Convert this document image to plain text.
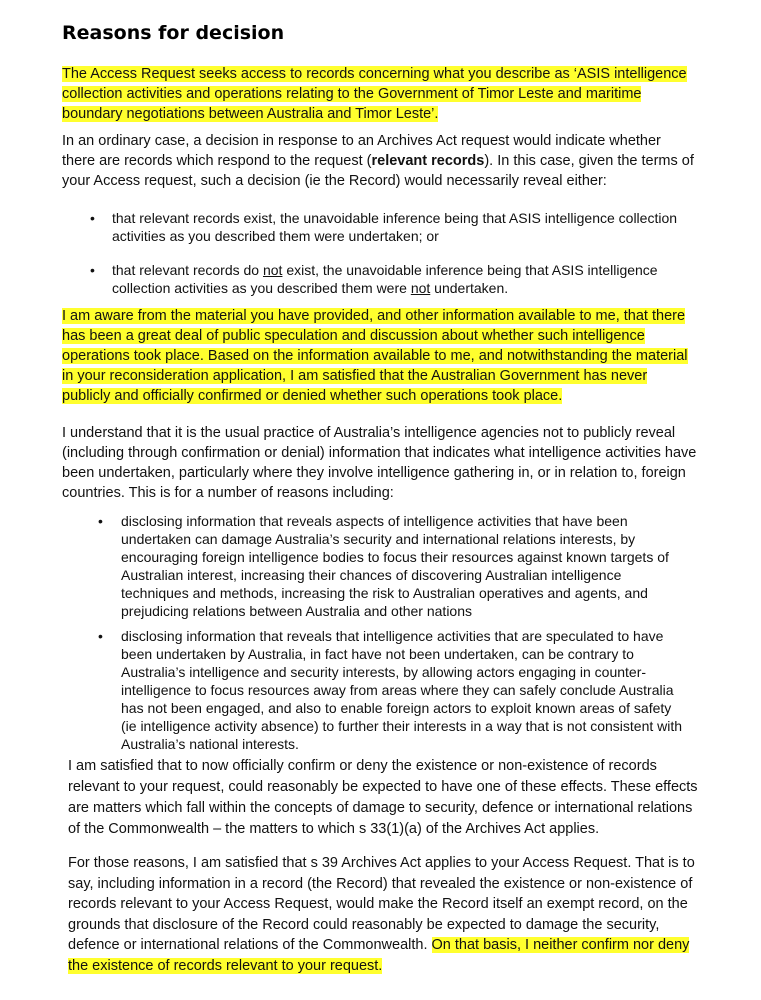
Reasons for decision
The Access Request seeks access to records concerning what you describe as ‘ASIS intelligence
collection activities and operations relating to the Government of Timor Leste and maritime
boundary negotiations between Australia and Timor Leste’.
In an ordinary case, a decision in response to an Archives Act request would indicate whether
there are records which respond to the request (relevant records). In this case, given the terms of
your Access request, such a decision (ie the Record) would necessarily reveal either:
• that relevant records exist, the unavoidable inference being that ASIS intelligence collection
activities as you described them were undertaken; or
• that relevant records do not exist, the unavoidable inference being that ASIS intelligence
collection activities as you described them were not undertaken.
I am aware from the material you have provided, and other information available to me, that there
has been a great deal of public speculation and discussion about whether such intelligence
operations took place. Based on the information available to me, and notwithstanding the material
in your reconsideration application, I am satisfied that the Australian Government has never
publicly and officially confirmed or denied whether such operations took place.
I understand that it is the usual practice of Australia’s intelligence agencies not to publicly reveal
(including through confirmation or denial) information that indicates what intelligence activities have
been undertaken, particularly where they involve intelligence gathering in, or in relation to, foreign
countries. This is for a number of reasons including:
• disclosing information that reveals aspects of intelligence activities that have been
undertaken can damage Australia’s security and international relations interests, by
encouraging foreign intelligence bodies to focus their resources against known targets of
Australian interest, increasing their chances of discovering Australian intelligence
techniques and methods, increasing the risk to Australian operatives and agents, and
prejudicing relations between Australia and other nations
• disclosing information that reveals that intelligence activities that are speculated to have
been undertaken by Australia, in fact have not been undertaken, can be contrary to
Australia’s intelligence and security interests, by allowing actors engaging in counter-
intelligence to focus resources away from areas where they can safely conclude Australia
has not been engaged, and also to enable foreign actors to exploit known areas of safety
(ie intelligence activity absence) to further their interests in a way that is not consistent with
Australia’s national interests.
I am satisfied that to now officially confirm or deny the existence or non-existence of records
relevant to your request, could reasonably be expected to have one of these effects. These effects
are matters which fall within the concepts of damage to security, defence or international relations
of the Commonwealth – the matters to which s 33(1)(a) of the Archives Act applies.
For those reasons, I am satisfied that s 39 Archives Act applies to your Access Request. That is to
say, including information in a record (the Record) that revealed the existence or non-existence of
records relevant to your Access Request, would make the Record itself an exempt record, on the
grounds that disclosure of the Record could reasonably be expected to damage the security,
defence or international relations of the Commonwealth. On that basis, I neither confirm nor deny
the existence of records relevant to your request.
